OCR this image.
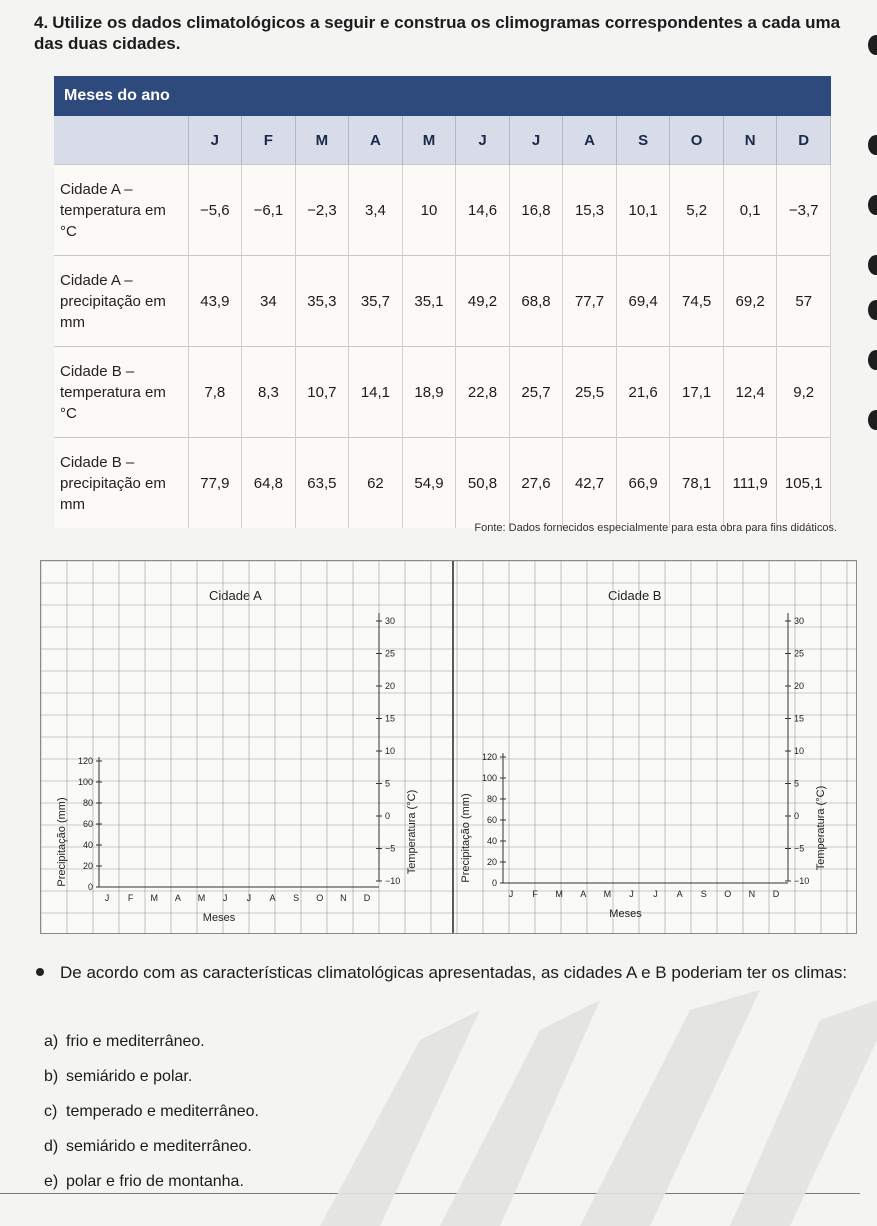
4. Utilize os dados climatológicos a seguir e construa os climogramas correspondentes a cada uma das duas cidades.
Meses do ano
	J	F	M	A	M	J	J	A	S	O	N	D
Cidade A – temperatura em °C	−5,6	−6,1	−2,3	3,4	10	14,6	16,8	15,3	10,1	5,2	0,1	−3,7
Cidade A – precipitação em mm	43,9	34	35,3	35,7	35,1	49,2	68,8	77,7	69,4	74,5	69,2	57
Cidade B – temperatura em °C	7,8	8,3	10,7	14,1	18,9	22,8	25,7	25,5	21,6	17,1	12,4	9,2
Cidade B – precipitação em mm	77,9	64,8	63,5	62	54,9	50,8	27,6	42,7	66,9	78,1	111,9	105,1
Fonte: Dados fornecidos especialmente para esta obra para fins didáticos.
Cidade A	Cidade B
0
20
40
60
80
100
120
−10
−5
0
5
10
15
20
25
30
J F M A M J J A S O N D
Meses
Precipitação (mm)	Temperatura (°C)
0
20
40
60
80
100
120
−10
−5
0
5
10
15
20
25
30
J F M A M J J A S O N D
Meses
Precipitação (mm)	Temperatura (°C)
De acordo com as características climatológicas apresentadas, as cidades A e B poderiam ter os climas:
a) frio e mediterrâneo.
b) semiárido e polar.
c) temperado e mediterrâneo.
d) semiárido e mediterrâneo.
e) polar e frio de montanha.
